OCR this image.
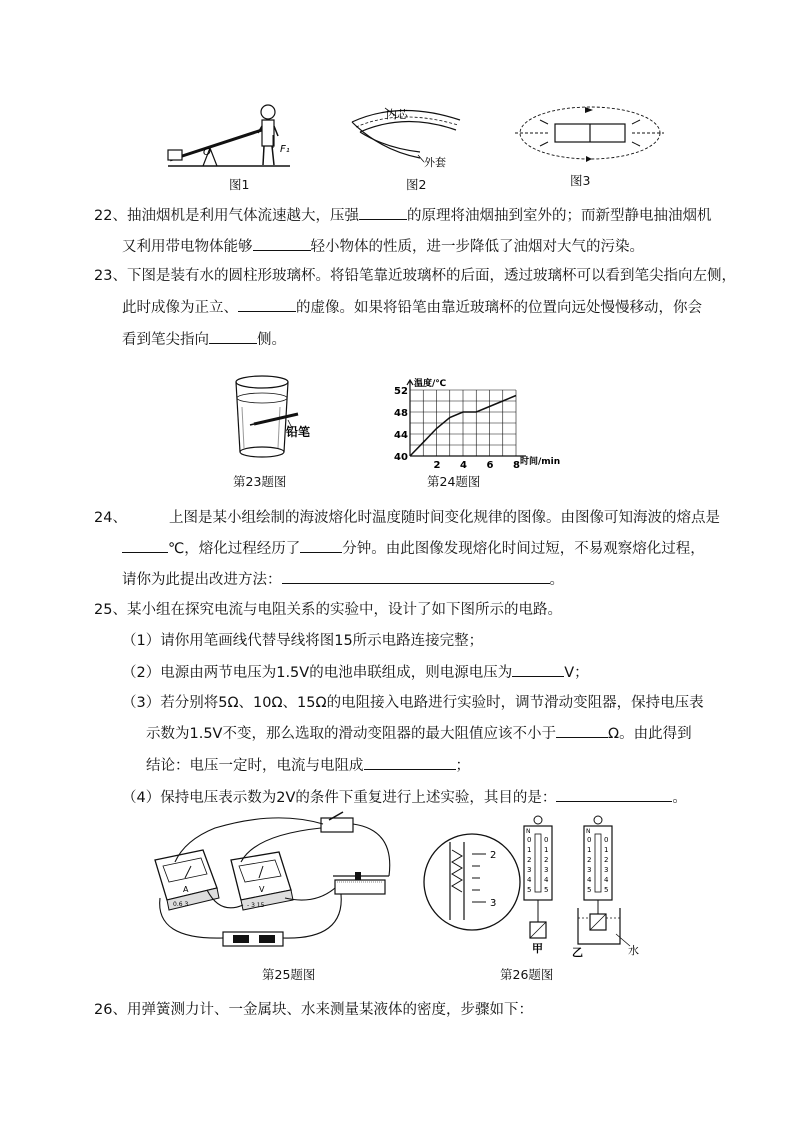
O	F₁
内芯
外套
图1	图2	图3
22、抽油烟机是利用气体流速越大，压强	的原理将油烟抽到室外的；而新型静电抽油烟机
又利用带电物体能够	轻小物体的性质，进一步降低了油烟对大气的污染。
23、下图是装有水的圆柱形玻璃杯。将铅笔靠近玻璃杯的后面，透过玻璃杯可以看到笔尖指向左侧，
此时成像为正立、	的虚像。如果将铅笔由靠近玻璃杯的位置向远处慢慢移动，你会
看到笔尖指向	侧。
铅笔
第23题图
52
48
44
40
2 4 6 8
温度/℃
时间/min
第24题图
24、	上图是某小组绘制的海波熔化时温度随时间变化规律的图像。由图像可知海波的熔点是
℃，熔化过程经历了	分钟。由此图像发现熔化时间过短，不易观察熔化过程，
请你为此提出改进方法：	。
25、某小组在探究电流与电阻关系的实验中，设计了如下图所示的电路。
（1）请你用笔画线代替导线将图15所示电路连接完整；
（2）电源由两节电压为1.5V的电池串联组成，则电源电压为	V；
（3）若分别将5Ω、10Ω、15Ω的电阻接入电路进行实验时，调节滑动变阻器，保持电压表
示数为1.5V不变，那么选取的滑动变阻器的最大阻值应该不小于	Ω。由此得到
结论：电压一定时，电流与电阻成	；
（4）保持电压表示数为2V的条件下重复进行上述实验，其目的是：	。
A
0.6 3
V
- 3 15
第25题图
2
3
甲
N
0 0
1 1
2 2
3 3
4 4
5 5
乙	水
N
0 0
1 1
2 2
3 3
4 4
5 5
第26题图
26、用弹簧测力计、一金属块、水来测量某液体的密度，步骤如下：
